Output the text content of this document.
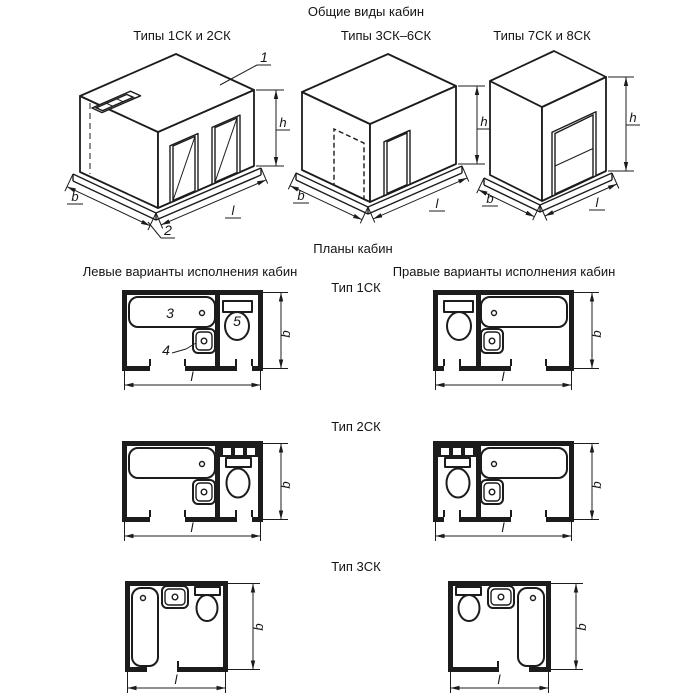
Общие виды кабин
Типы 1СК и 2СК	Типы 3СК–6СК	Типы 7СК и 8СК
h
b
l
1
2
h
b
l
h
b	l
Планы кабин
Левые варианты исполнения кабин	Правые варианты исполнения кабин
Тип 1СК
Тип 2СК
Тип 3СК
3
4
5
b
l
b
l
b
l
b
l
b
l
b
l
